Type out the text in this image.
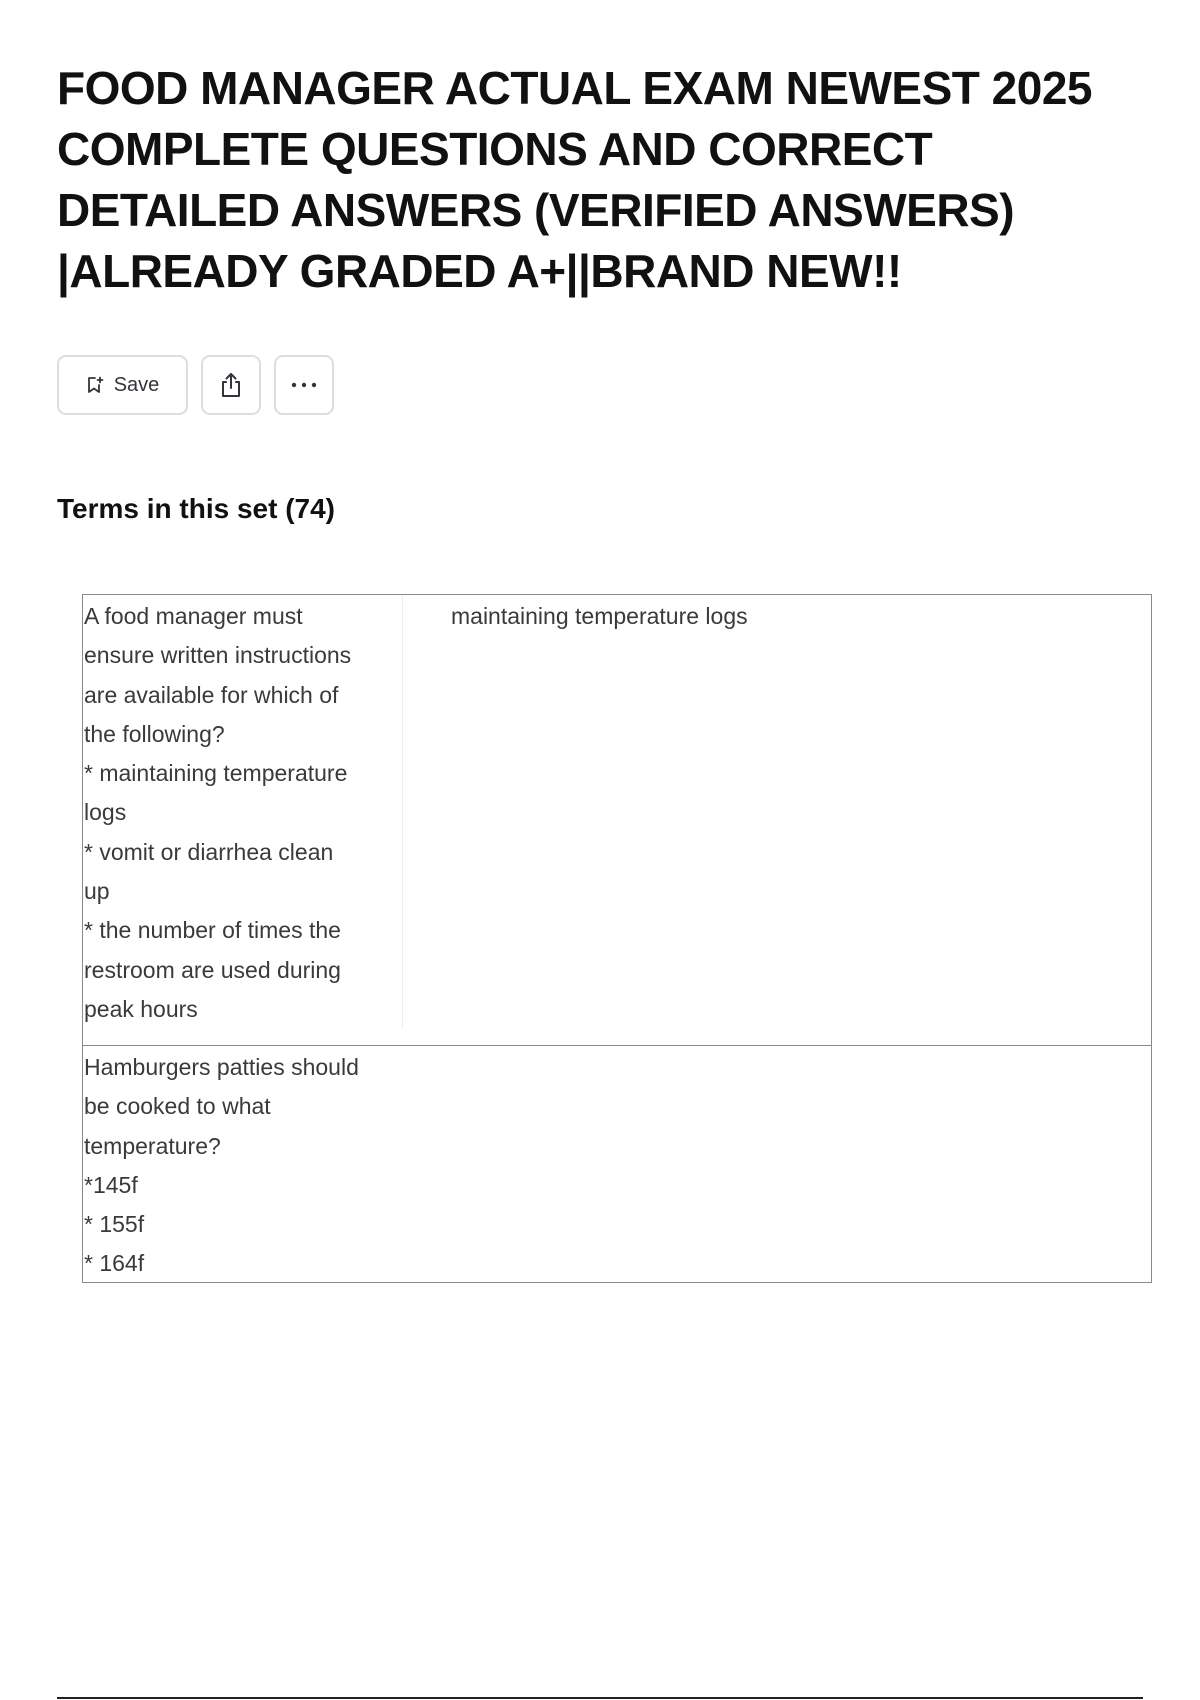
FOOD MANAGER ACTUAL EXAM NEWEST 2025
COMPLETE QUESTIONS AND CORRECT
DETAILED ANSWERS (VERIFIED ANSWERS)
|ALREADY GRADED A+||BRAND NEW!!
Save
Terms in this set (74)
A food manager must
ensure written instructions
are available for which of
the following?
* maintaining temperature
logs
* vomit or diarrhea clean
up
* the number of times the
restroom are used during
peak hours
maintaining temperature logs
Hamburgers patties should
be cooked to what
temperature?
*145f
* 155f
* 164f
